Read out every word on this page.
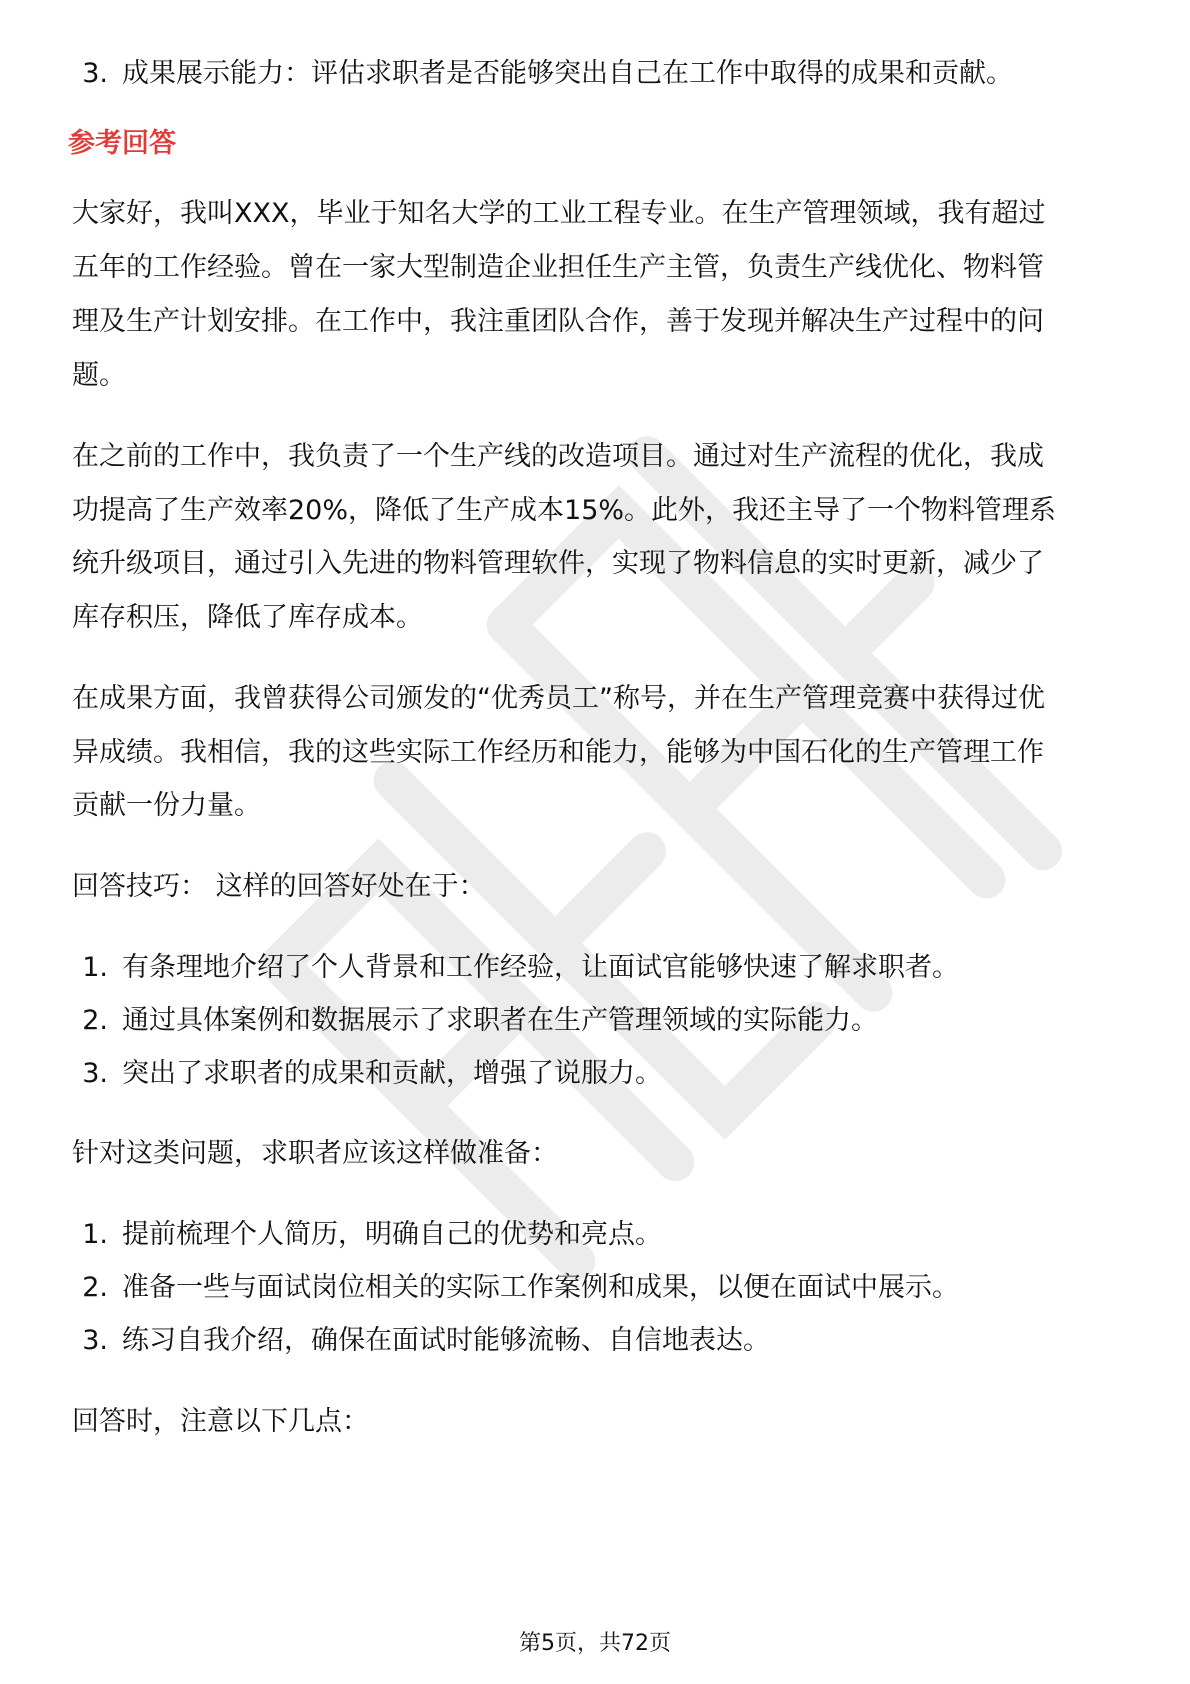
3. 成果展示能力：评估求职者是否能够突出自己在工作中取得的成果和贡献。
参考回答
大家好，我叫XXX，毕业于知名大学的工业工程专业。在生产管理领域，我有超过
五年的工作经验。曾在一家大型制造企业担任生产主管，负责生产线优化、物料管
理及生产计划安排。在工作中，我注重团队合作，善于发现并解决生产过程中的问
题。
在之前的工作中，我负责了一个生产线的改造项目。通过对生产流程的优化，我成
功提高了生产效率20%，降低了生产成本15%。此外，我还主导了一个物料管理系
统升级项目，通过引入先进的物料管理软件，实现了物料信息的实时更新，减少了
库存积压，降低了库存成本。
在成果方面，我曾获得公司颁发的“优秀员工”称号，并在生产管理竞赛中获得过优
异成绩。我相信，我的这些实际工作经历和能力，能够为中国石化的生产管理工作
贡献一份力量。
回答技巧： 这样的回答好处在于：
1. 有条理地介绍了个人背景和工作经验，让面试官能够快速了解求职者。
2. 通过具体案例和数据展示了求职者在生产管理领域的实际能力。
3. 突出了求职者的成果和贡献，增强了说服力。
针对这类问题，求职者应该这样做准备：
1. 提前梳理个人简历，明确自己的优势和亮点。
2. 准备一些与面试岗位相关的实际工作案例和成果，以便在面试中展示。
3. 练习自我介绍，确保在面试时能够流畅、自信地表达。
回答时，注意以下几点：
第5页，共72页
